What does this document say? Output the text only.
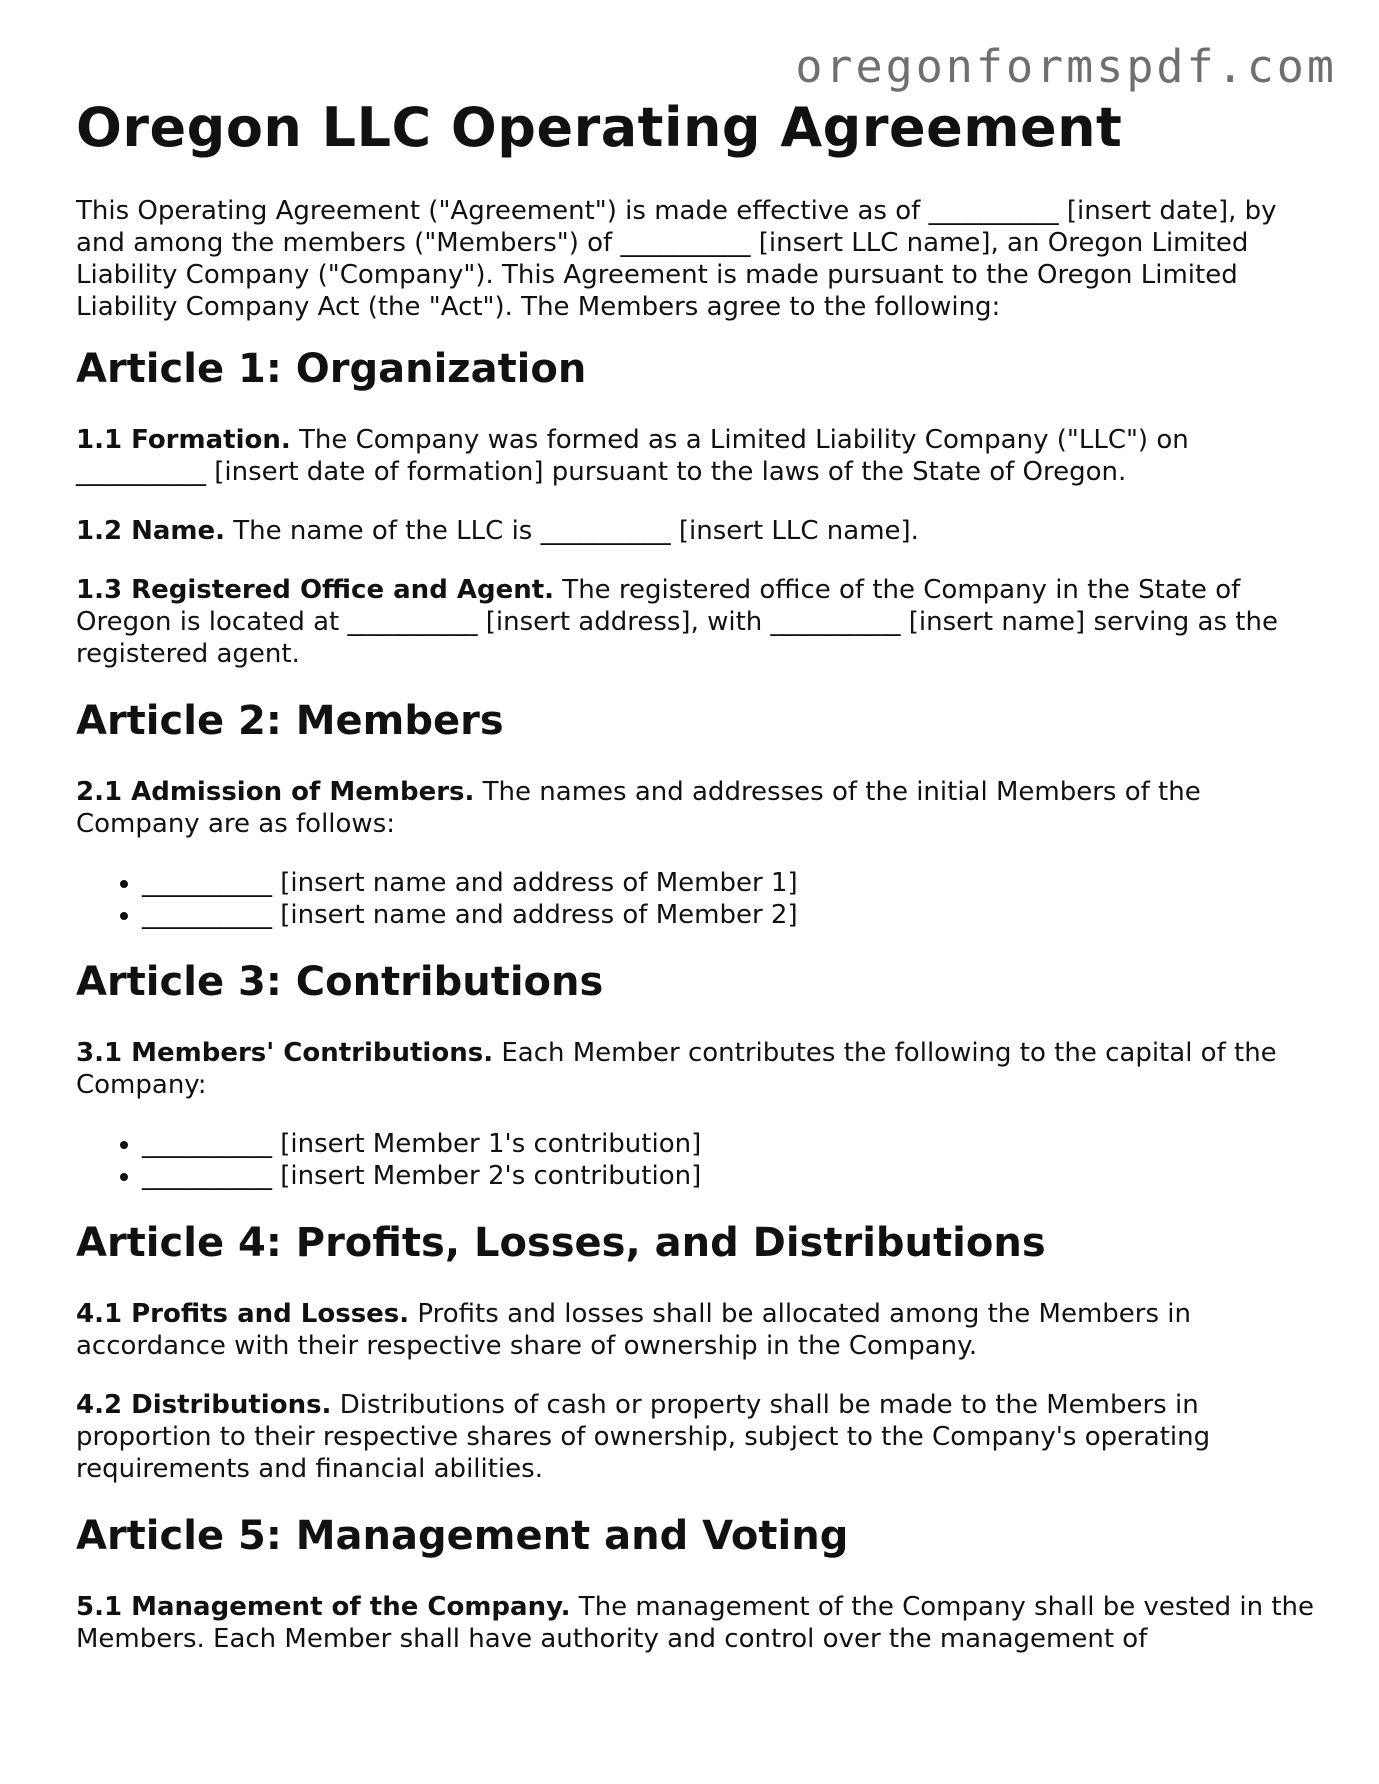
oregonformspdf.com
Oregon LLC Operating Agreement

This Operating Agreement ("Agreement") is made effective as of __________ [insert date], by and among the members ("Members") of __________ [insert LLC name], an Oregon Limited Liability Company ("Company"). This Agreement is made pursuant to the Oregon Limited Liability Company Act (the "Act"). The Members agree to the following:

Article 1: Organization

1.1 Formation. The Company was formed as a Limited Liability Company ("LLC") on __________ [insert date of formation] pursuant to the laws of the State of Oregon.

1.2 Name. The name of the LLC is __________ [insert LLC name].

1.3 Registered Office and Agent. The registered office of the Company in the State of Oregon is located at __________ [insert address], with __________ [insert name] serving as the registered agent.

Article 2: Members

2.1 Admission of Members. The names and addresses of the initial Members of the Company are as follows:

• __________ [insert name and address of Member 1]
• __________ [insert name and address of Member 2]
Article 3: Contributions

3.1 Members' Contributions. Each Member contributes the following to the capital of the Company:

• __________ [insert Member 1's contribution]
• __________ [insert Member 2's contribution]
Article 4: Profits, Losses, and Distributions

4.1 Profits and Losses. Profits and losses shall be allocated among the Members in accordance with their respective share of ownership in the Company.

4.2 Distributions. Distributions of cash or property shall be made to the Members in proportion to their respective shares of ownership, subject to the Company's operating requirements and financial abilities.

Article 5: Management and Voting

5.1 Management of the Company. The management of the Company shall be vested in the Members. Each Member shall have authority and control over the management of
